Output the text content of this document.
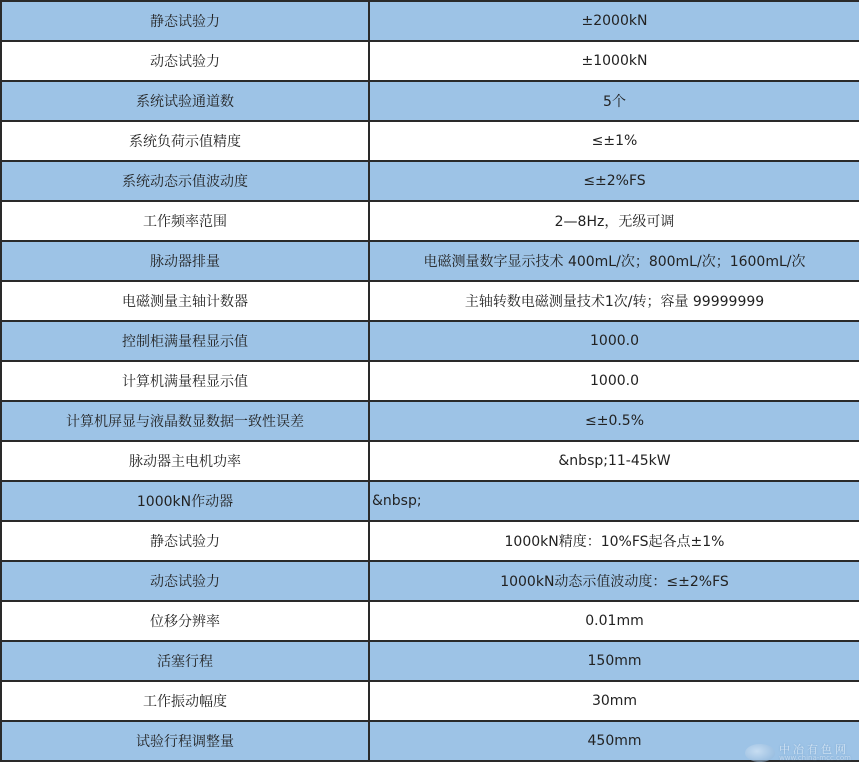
静态试验力	±2000kN
动态试验力	±1000kN
系统试验通道数	5个
系统负荷示值精度	≤±1%
系统动态示值波动度	≤±2%FS
工作频率范围	2—8Hz，无级可调
脉动器排量	电磁测量数字显示技术 400mL/次；800mL/次；1600mL/次
电磁测量主轴计数器	主轴转数电磁测量技术1次/转；容量 99999999
控制柜满量程显示值	1000.0
计算机满量程显示值	1000.0
计算机屏显与液晶数显数据一致性误差	≤±0.5%
脉动器主电机功率	&nbsp;11-45kW
1000kN作动器	&nbsp;
静态试验力	1000kN精度：10%FS起各点±1%
动态试验力	1000kN动态示值波动度：≤±2%FS
位移分辨率	0.01mm
活塞行程	150mm
工作振动幅度	30mm
试验行程调整量	450mm
中冶有色网
www.china-mcc.com
